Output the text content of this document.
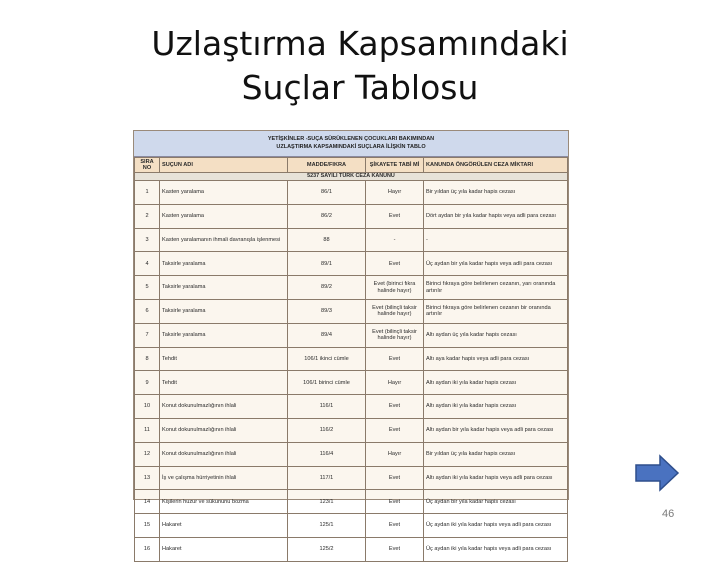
Uzlaştırma Kapsamındaki
Suçlar Tablosu
YETİŞKİNLER -SUÇA SÜRÜKLENEN ÇOCUKLARI BAKIMINDAN
UZLAŞTIRMA KAPSAMINDAKİ SUÇLARA İLİŞKİN TABLO
SIRA NO	SUÇUN ADI	MADDE/FIKRA	ŞİKAYETE TABİ Mİ	KANUNDA ÖNGÖRÜLEN CEZA MİKTARI
5237 SAYILI TÜRK CEZA KANUNU				
1	Kasten yaralama	86/1	Hayır	Bir yıldan üç yıla kadar hapis cezası
2	Kasten yaralama	86/2	Evet	Dört aydan bir yıla kadar hapis veya adli para cezası
3	Kasten yaralamanın ihmali davranışla işlenmesi	88	-	-
4	Taksirle yaralama	89/1	Evet	Üç aydan bir yıla kadar hapis veya adli para cezası
5	Taksirle yaralama	89/2	Evet (birinci fıkra halinde hayır)	Birinci fıkraya göre belirlenen cezanın, yarı oranında artırılır
6	Taksirle yaralama	89/3	Evet (bilinçli taksir halinde hayır)	Birinci fıkraya göre belirlenen cezanın bir oranında artırılır
7	Taksirle yaralama	89/4	Evet (bilinçli taksir halinde hayır)	Altı aydan üç yıla kadar hapis cezası
8	Tehdit	106/1 ikinci cümle	Evet	Altı aya kadar hapis veya adli para cezası
9	Tehdit	106/1 birinci cümle	Hayır	Altı aydan iki yıla kadar hapis cezası
10	Konut dokunulmazlığının ihlali	116/1	Evet	Altı aydan iki yıla kadar hapis cezası
11	Konut dokunulmazlığının ihlali	116/2	Evet	Altı aydan bir yıla kadar hapis veya adli para cezası
12	Konut dokunulmazlığının ihlali	116/4	Hayır	Bir yıldan üç yıla kadar hapis cezası
13	İş ve çalışma hürriyetinin ihlali	117/1	Evet	Altı aydan iki yıla kadar hapis veya adli para cezası
14	Kişilerin huzur ve sükununu bozma	123/1	Evet	Üç aydan bir yıla kadar hapis cezası
15	Hakaret	125/1	Evet	Üç aydan iki yıla kadar hapis veya adli para cezası
16	Hakaret	125/2	Evet	Üç aydan iki yıla kadar hapis veya adli para cezası
46
